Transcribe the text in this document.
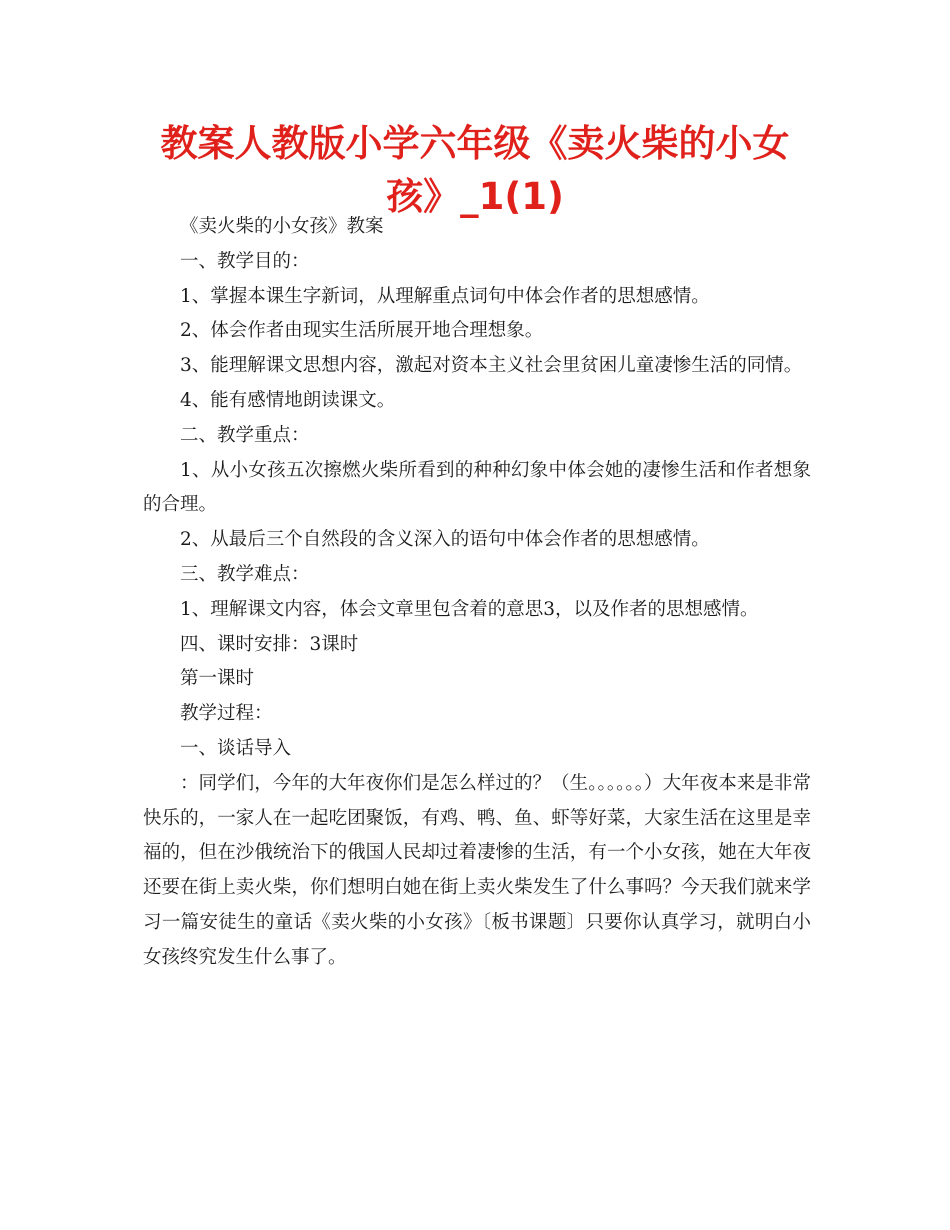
教案人教版小学六年级《卖火柴的小女孩》_1(1)

《卖火柴的小女孩》教案

一、教学目的：

1、掌握本课生字新词，从理解重点词句中体会作者的思想感情。

2、体会作者由现实生活所展开地合理想象。

3、能理解课文思想内容，激起对资本主义社会里贫困儿童凄惨生活的同情。

4、能有感情地朗读课文。

二、教学重点：

1、从小女孩五次擦燃火柴所看到的种种幻象中体会她的凄惨生活和作者想象的合理。

2、从最后三个自然段的含义深入的语句中体会作者的思想感情。

三、教学难点：

1、理解课文内容，体会文章里包含着的意思3，以及作者的思想感情。

四、课时安排：3课时

第一课时

教学过程：

一、谈话导入

：同学们，今年的大年夜你们是怎么样过的？（生。。。。。。）大年夜本来是非常快乐的，一家人在一起吃团聚饭，有鸡、鸭、鱼、虾等好菜，大家生活在这里是幸福的，但在沙俄统治下的俄国人民却过着凄惨的生活，有一个小女孩，她在大年夜还要在街上卖火柴，你们想明白她在街上卖火柴发生了什么事吗？今天我们就来学习一篇安徒生的童话《卖火柴的小女孩》〔板书课题〕只要你认真学习，就明白小女孩终究发生什么事了。
